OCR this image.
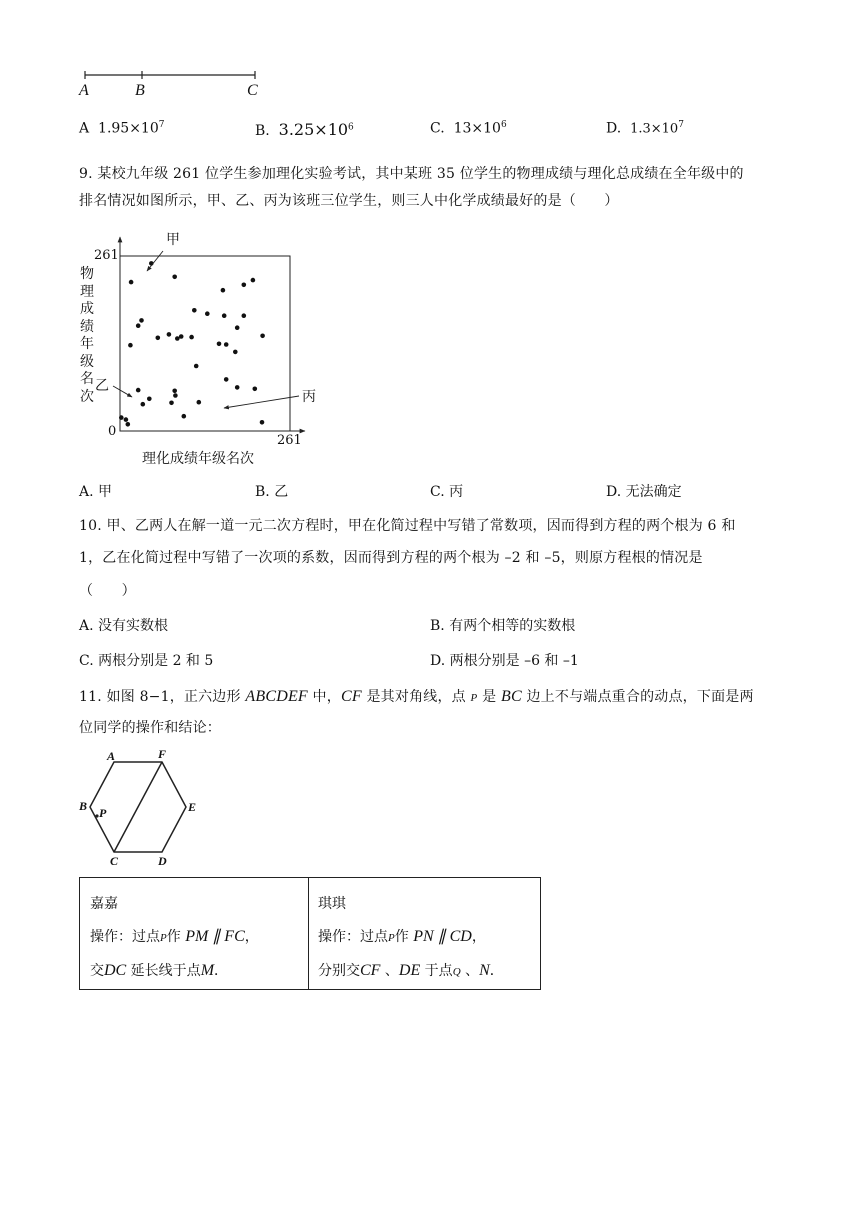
A	B	C
A $1.95\times 10^7$	B. $3.25\times 10^6$	C. $13\times 10^6$	D. $1.3\times 10^7$
9. 某校九年级 261 位学生参加理化实验考试，其中某班 35 位学生的物理成绩与理化总成绩在全年级中的
排名情况如图所示，甲、乙、丙为该班三位学生，则三人中化学成绩最好的是（　　）
甲
乙
丙
261
0
261
物理成绩年级名次
理化成绩年级名次
A. 甲	B. 乙	C. 丙	D. 无法确定
10. 甲、乙两人在解一道一元二次方程时，甲在化简过程中写错了常数项，因而得到方程的两个根为 6 和
1，乙在化简过程中写错了一次项的系数，因而得到方程的两个根为 –2 和 –5，则原方程根的情况是
（　　）
A. 没有实数根	B. 有两个相等的实数根
C. 两根分别是 2 和 5	D. 两根分别是 –6 和 –1
11. 如图 8−1，正六边形 ABCDEF 中，CF 是其对角线，点 P 是 BC 边上不与端点重合的动点，下面是两
位同学的操作和结论：
A	F
B P	E
C	D
嘉嘉
操作：过点P作 PM ∥ FC，
交DC 延长线于点M．
琪琪
操作：过点P作 PN ∥ CD，
分别交CF 、DE 于点Q 、N．
